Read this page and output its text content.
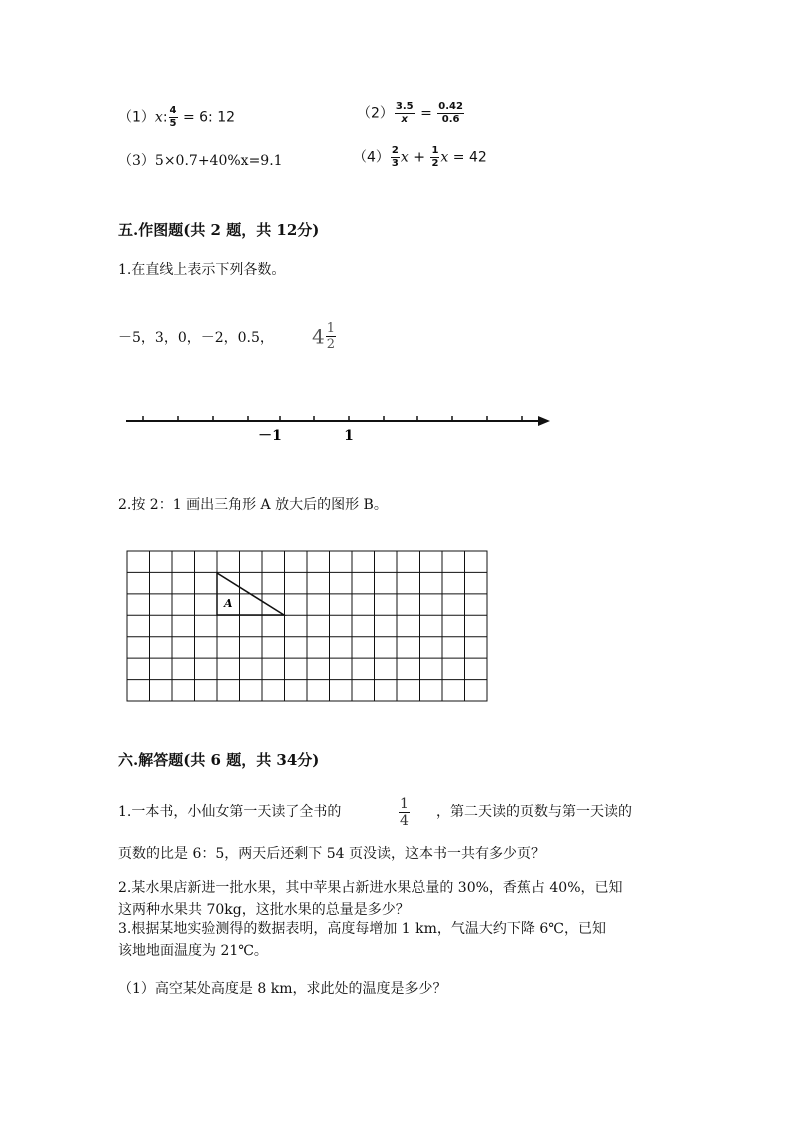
（1）x: $\frac{4}{5} = 6$: 12	$(2) \frac{3.5}{x} = \frac{0.42}{0.6}$
（3）5×0.7+40%x=9.1	$(4) \frac{2}{3}$ $x + \frac{1}{2}$ x = 42
五.作图题(共 2 题，共 12分)
1.在直线上表示下列各数。
－5，3，0，－2，0.5， $4 \frac{1}{2}$
－1	1
2.按 2：1 画出三角形 A 放大后的图形 B。
A
六.解答题(共 6 题，共 34分)
1.一本书，小仙女第一天读了全书的	$\frac{1}{4}$ ，第二天读的页数与第一天读的
页数的比是 6：5，两天后还剩下 54 页没读，这本书一共有多少页？
2.某水果店新进一批水果，其中苹果占新进水果总量的 30%，香蕉占 40%，已知
这两种水果共 70kg，这批水果的总量是多少？
3.根据某地实验测得的数据表明，高度每增加 1 km，气温大约下降 6℃，已知
该地地面温度为 21℃。
（1）高空某处高度是 8 km，求此处的温度是多少？
